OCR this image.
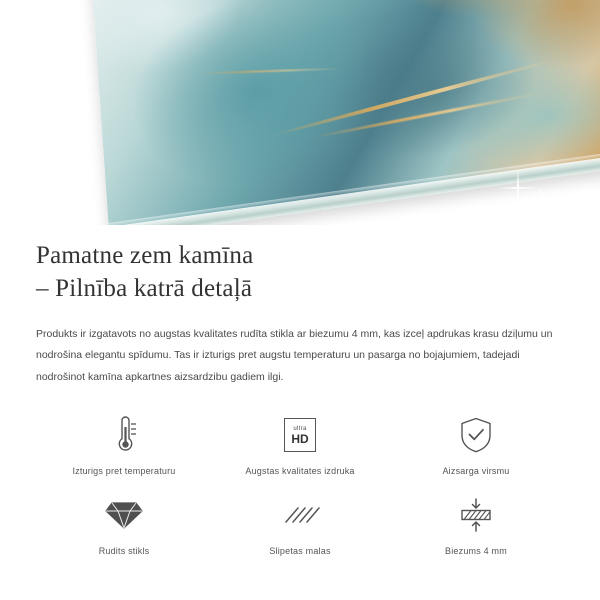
Pamatne zem kamīna
– Pilnība katrā detaļā

Produkts ir izgatavots no augstas kvalitates rudīta stikla ar biezumu 4 mm, kas izceļ apdrukas krasu dziļumu un nodrošina elegantu spīdumu. Tas ir izturigs pret augstu temperaturu un pasarga no bojajumiem, tadejadi nodrošinot kamīna apkartnes aizsardzibu gadiem ilgi.

Izturigs pret temperaturu
ultra
HD
Augstas kvalitates izdruka	Aizsarga virsmu
Rudits stikls	Slipetas malas	Biezums 4 mm
